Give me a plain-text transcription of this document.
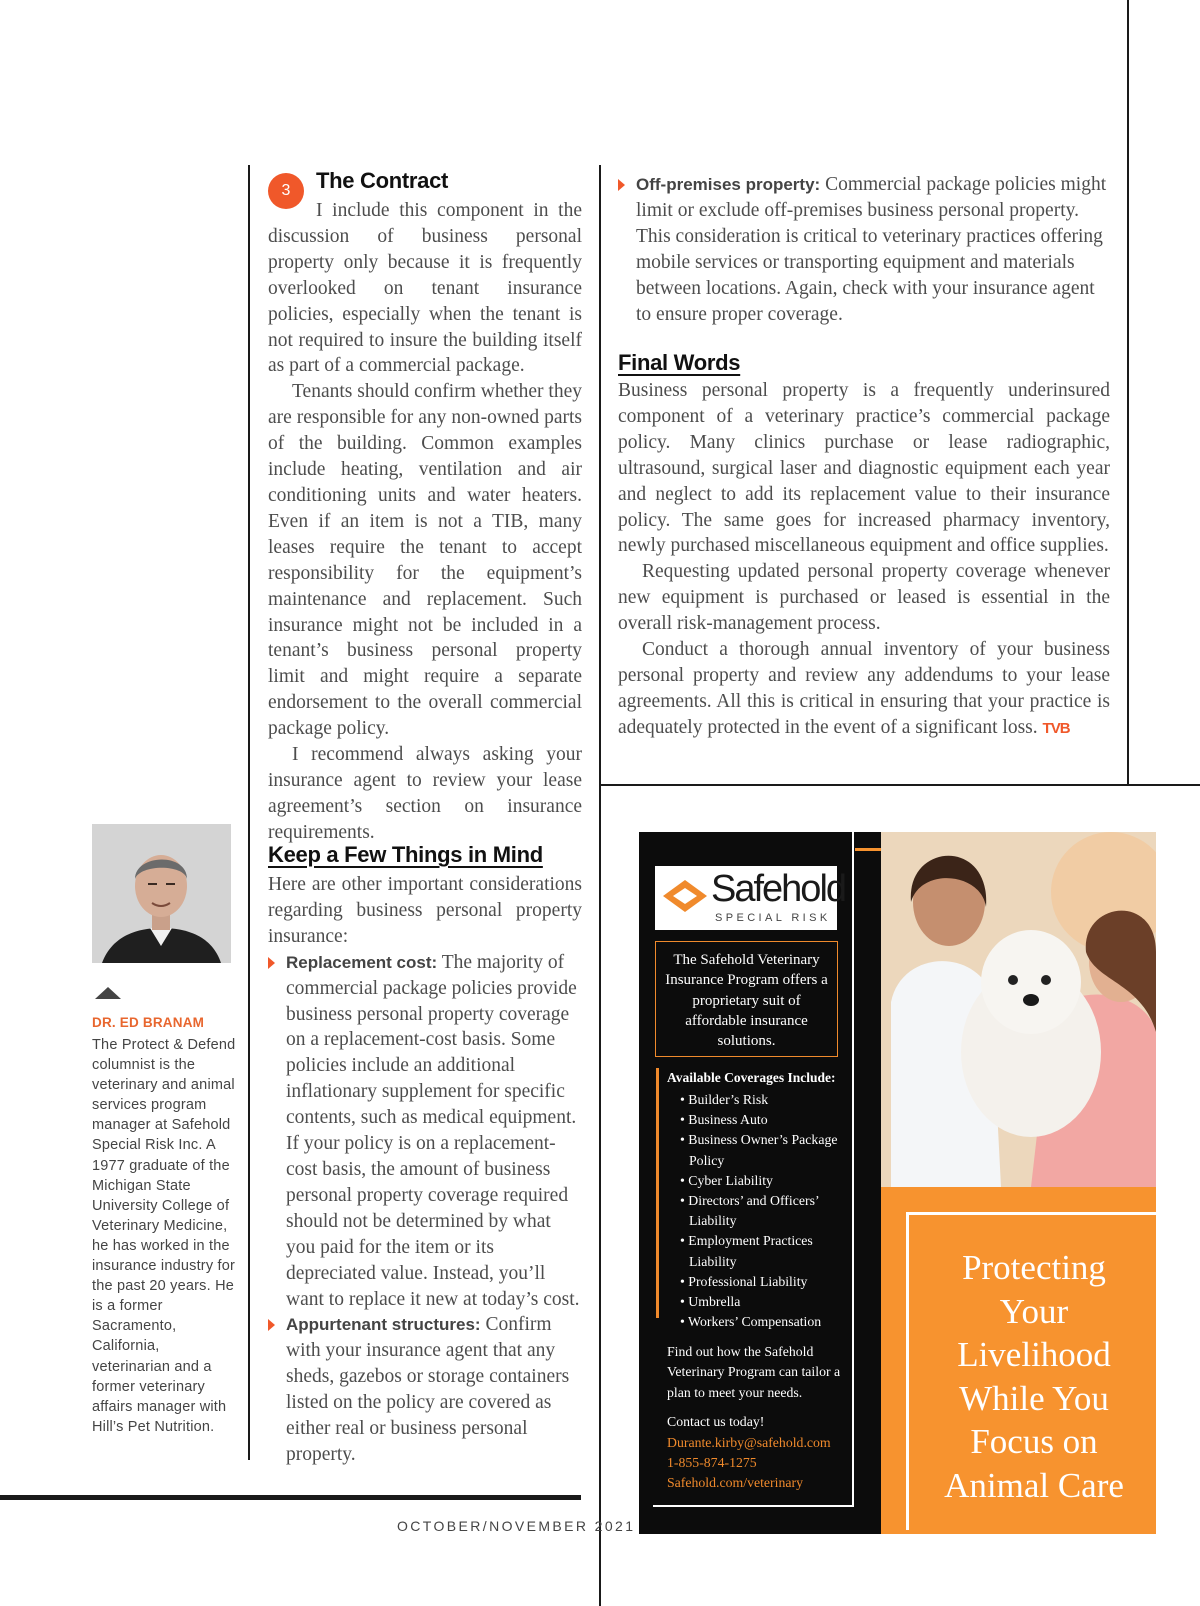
3	The Contract

I include this component in the discussion of business personal property only because it is frequently overlooked on tenant insurance policies, especially when the tenant is not required to insure the building itself as part of a commercial package.

Tenants should confirm whether they are responsible for any non-owned parts of the building. Common examples include heating, ventilation and air conditioning units and water heaters. Even if an item is not a TIB, many leases require the tenant to accept responsibility for the equipment’s maintenance and replacement. Such insurance might not be included in a tenant’s business personal property limit and might require a separate endorsement to the overall commercial package policy.

I recommend always asking your insurance agent to review your lease agreement’s section on insurance requirements.

Keep a Few Things in Mind

Here are other important considerations regarding business personal property insurance:

Replacement cost: The majority of commercial package policies provide business personal property coverage on a replacement-cost basis. Some policies include an additional inflationary supplement for specific contents, such as medical equipment. If your policy is on a replacement-cost basis, the amount of business personal property coverage required should not be determined by what you paid for the item or its depreciated value. Instead, you’ll want to replace it new at today’s cost.
Appurtenant structures: Confirm with your insurance agent that any sheds, gazebos or storage containers listed on the policy are covered as either real or business personal property.
Off-premises property: Commercial package policies might limit or exclude off-premises business personal property. This consideration is critical to veterinary practices offering mobile services or transporting equipment and materials between locations. Again, check with your insurance agent to ensure proper coverage.
Final Words

Business personal property is a frequently underinsured component of a veterinary practice’s commercial package policy. Many clinics purchase or lease radiographic, ultrasound, surgical laser and diagnostic equipment each year and neglect to add its replacement value to their insurance policy. The same goes for increased pharmacy inventory, newly purchased miscellaneous equipment and office supplies.

Requesting updated personal property coverage whenever new equipment is purchased or leased is essential in the overall risk-management process.

Conduct a thorough annual inventory of your business personal property and review any addendums to your lease agreements. All this is critical in ensuring that your practice is adequately protected in the event of a significant loss. TVB

DR. ED BRANAM
The Protect & Defend columnist is the veterinary and animal services program manager at Safehold Special Risk Inc. A 1977 graduate of the Michigan State University College of Veterinary Medicine, he has worked in the insurance industry for the past 20 years. He is a former Sacramento, California, veterinarian and a former veterinary affairs manager with Hill’s Pet Nutrition.
OCTOBER/NOVEMBER 2021
Protecting Your Livelihood While You Focus on Animal Care
Safehold
SPECIAL RISK
The Safehold Veterinary Insurance Program offers a proprietary suit of affordable insurance solutions.
Available Coverages Include:
• Builder’s Risk
• Business Auto
• Business Owner’s Package Policy
• Cyber Liability
• Directors’ and Officers’ Liability
• Employment Practices Liability
• Professional Liability
• Umbrella
• Workers’ Compensation
Find out how the Safehold Veterinary Program can tailor a plan to meet your needs.
Contact us today!
Durante.kirby@safehold.com
1-855-874-1275
Safehold.com/veterinary
